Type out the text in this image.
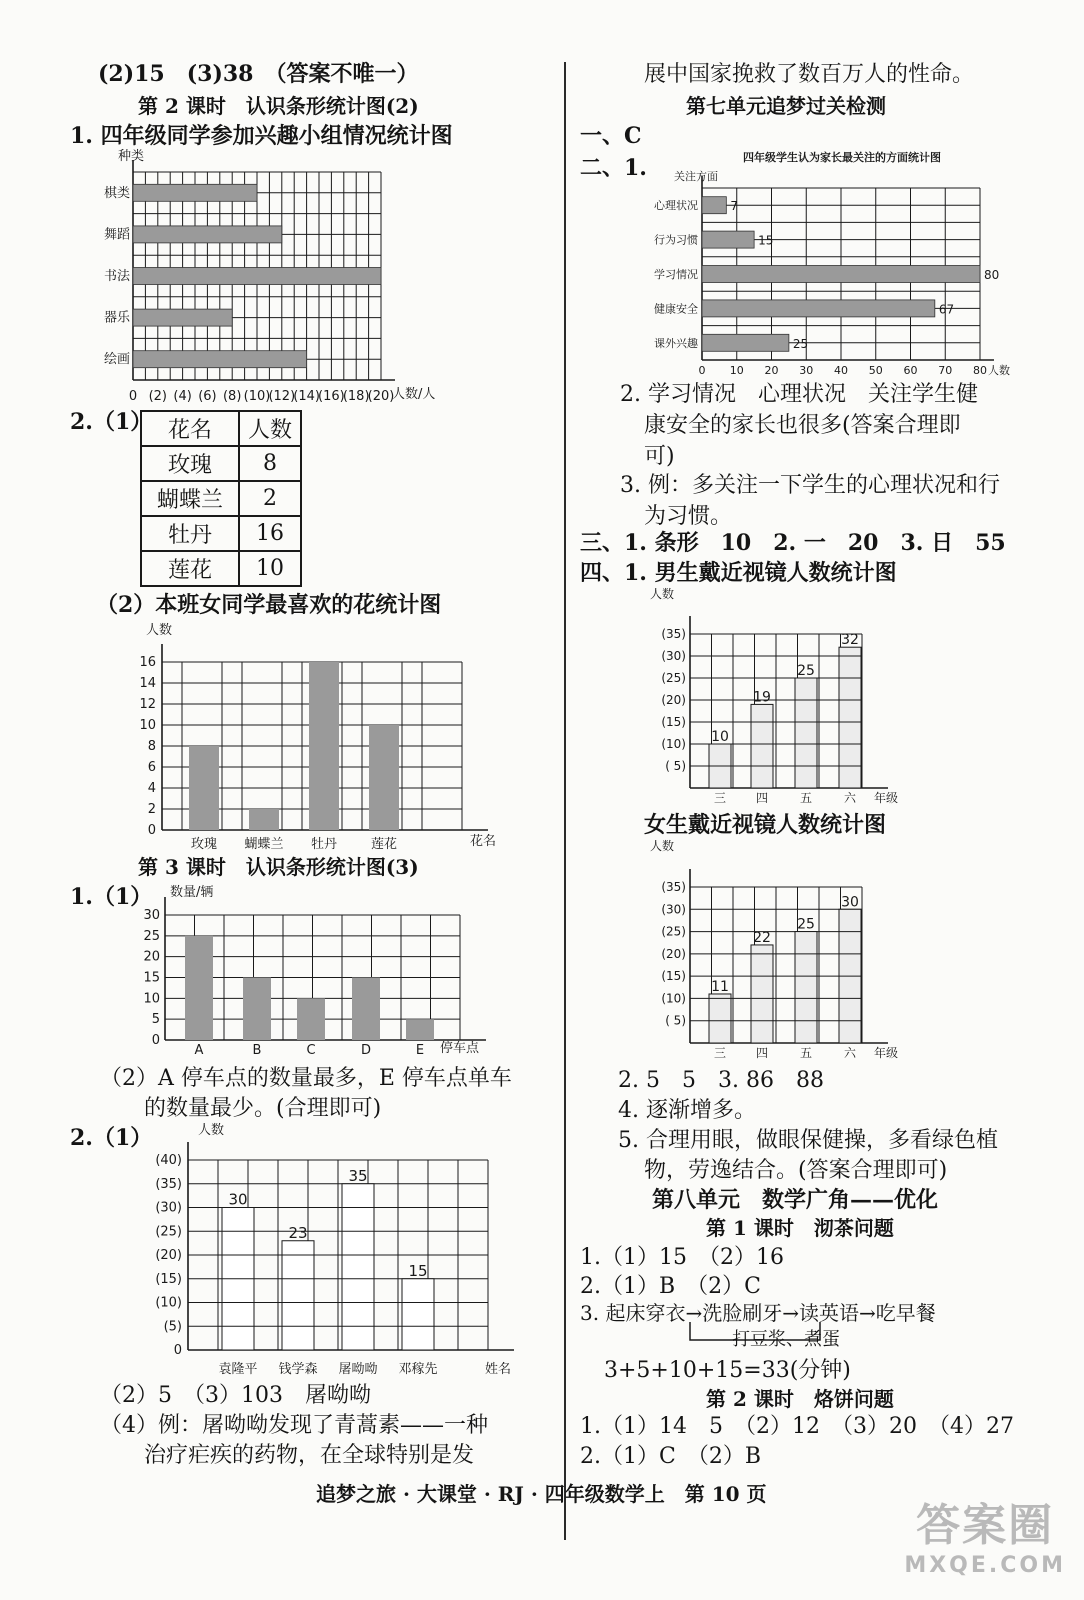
(2)15　(3)38　（答案不唯一）
第 2 课时　认识条形统计图(2)
1. 四年级同学参加兴趣小组情况统计图
0 (2) (4) (6) (8) (10)
(12)
(14)
(16)
(18)
(20)
种类
人数/人
棋类
舞蹈
书法
器乐
绘画
2.（1） 花名	人数
玫瑰	8
蝴蝶兰	2
牡丹	16
莲花	10
（2）本班女同学最喜欢的花统计图
0
2
4
6
8
10
12
14
16
人数
花名
玫瑰 蝴蝶兰 牡丹	莲花
第 3 课时　认识条形统计图(3)
1.（1）
0
5
10
15
20
25
30
数量/辆
停车点
A	B	C	D	E
（2）A 停车点的数量最多，E 停车点单车
的数量最少。(合理即可)
2.（1）
0
(5)
(10)
(15)
(20)
(25)
(30)
(35)
(40)
人数
姓名
袁隆平
30
钱学森
23
屠呦呦
35
邓稼先
15
（2）5　（3）103　屠呦呦
（4）例：屠呦呦发现了青蒿素——一种
治疗疟疾的药物，在全球特别是发
展中国家挽救了数百万人的性命。
第七单元追梦过关检测
一、C
二、1.
0 10 20 30 40 50 60 70 80
关注方面
人数
四年级学生认为家长最关注的方面统计图
心理状况	7
行为习惯	15
学习情况	80
健康安全	67
课外兴趣	25
2. 学习情况　心理状况　关注学生健
康安全的家长也很多(答案合理即
可)
3. 例：多关注一下学生的心理状况和行
为习惯。
三、1. 条形　10　2. 一　20　3. 日　55
四、1. 男生戴近视镜人数统计图
( 5)
(10)
(15)
(20)
(25)
(30)
(35)
人数
年级
三
10
四
19
五
25
六
32
女生戴近视镜人数统计图
( 5)
(10)
(15)
(20)
(25)
(30)
(35)
人数
年级
三
11
四
22
五
25
六
30
2. 5　5　3. 86　88
4. 逐渐增多。
5. 合理用眼，做眼保健操，多看绿色植
物，劳逸结合。(答案合理即可)
第八单元　数学广角——优化
第 1 课时　沏茶问题
1.（1）15　（2）16
2.（1）B　（2）C
3. 起床穿衣→洗脸刷牙→读英语→吃早餐
打豆浆、煮蛋
3+5+10+15=33(分钟)
第 2 课时　烙饼问题
1.（1）14　5　（2）12　（3）20　（4）27
2.（1）C　（2）B
追梦之旅 · 大课堂 · RJ · 四年级数学上　第 10 页
答案圈
MXQE.COM
